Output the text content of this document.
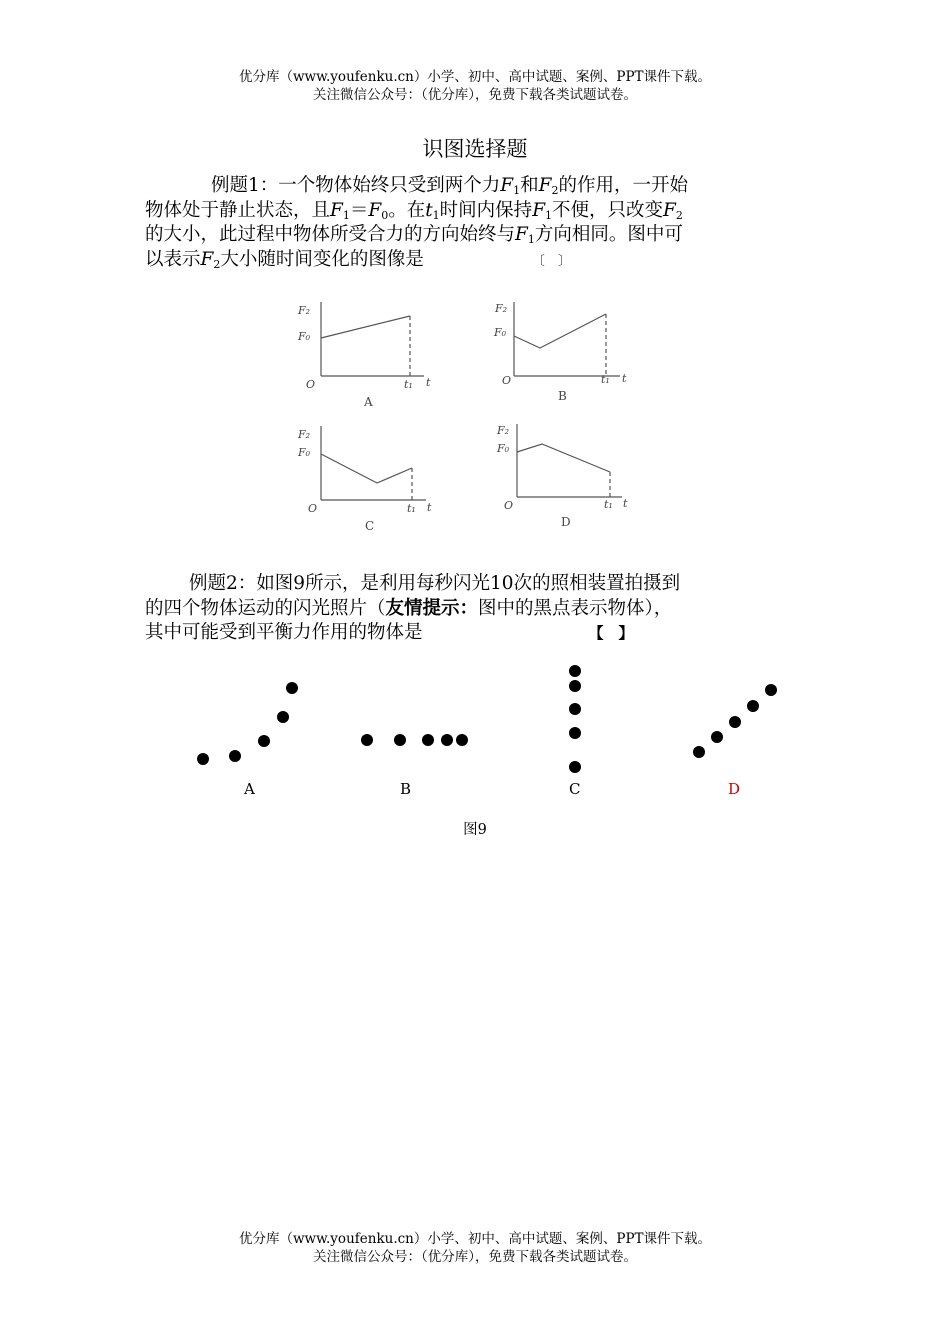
优分库（www.youfenku.cn）小学、初中、高中试题、案例、PPT课件下载。
关注微信公众号：（优分库），免费下载各类试题试卷。
识图选择题
例题1：一个物体始终只受到两个力$F_1$和$F_2$的作用，一开始
物体处于静止状态，且$F_1=F_0$。在$t_1$时间内保持$F_1$不便，只改变$F_2$
的大小，此过程中物体所受合力的方向始终与$F_1$方向相同。图中可
以表示$F_2$大小随时间变化的图像是	〔　〕
F₂
F₀
O	t₁ t
A
F₂
F₀
O	t₁ t
B
F₂
F₀
O	t₁ t
C
F₂
F₀
O	t₁ t
D
例题2：如图9所示，是利用每秒闪光10次的照相装置拍摄到
的四个物体运动的闪光照片（友情提示：图中的黑点表示物体），
其中可能受到平衡力作用的物体是	【　】
A	B	C	D
图9
优分库（www.youfenku.cn）小学、初中、高中试题、案例、PPT课件下载。
关注微信公众号：（优分库），免费下载各类试题试卷。
